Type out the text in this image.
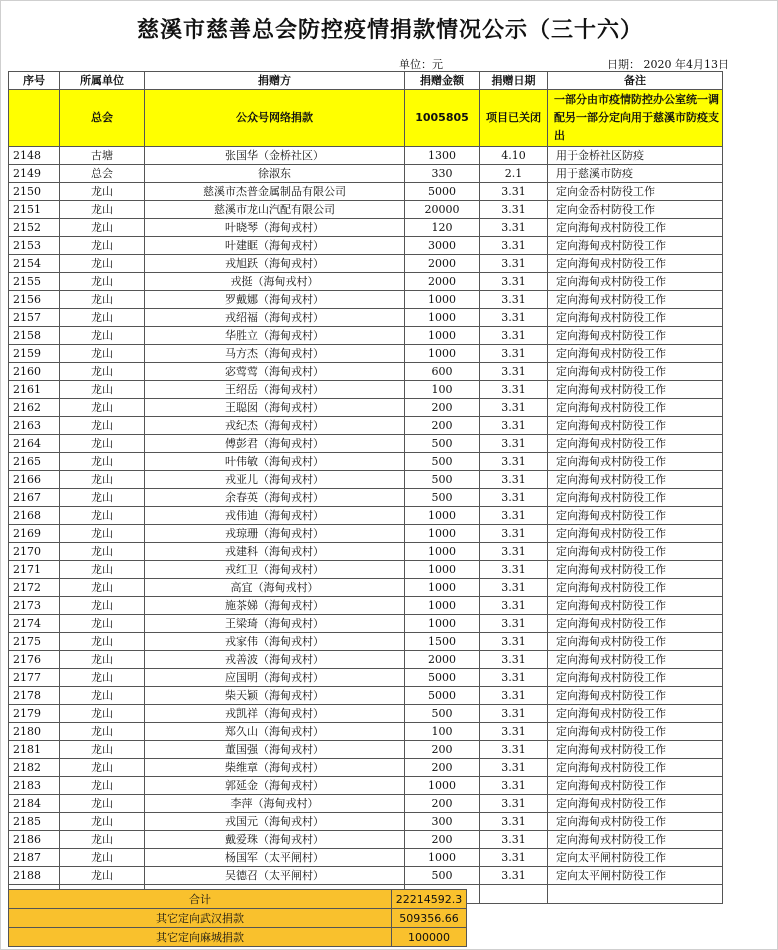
慈溪市慈善总会防控疫情捐款情况公示（三十六）
单位：元	日期： 2020 年4月13日
序号	所属单位	捐赠方	捐赠金额	捐赠日期	备注
	总会	公众号网络捐款	1005805	项目已关闭	一部分由市疫情防控办公室统一调配另一部分定向用于慈溪市防疫支出
2148	古塘	张国华（金桥社区）	1300	4.10	用于金桥社区防疫
2149	总会	徐淑东	330	2.1	用于慈溪市防疫
2150	龙山	慈溪市杰普金属制品有限公司	5000	3.31	定向金岙村防役工作
2151	龙山	慈溪市龙山汽配有限公司	20000	3.31	定向金岙村防役工作
2152	龙山	叶晓琴（海甸戎村）	120	3.31	定向海甸戎村防役工作
2153	龙山	叶建眶（海甸戎村）	3000	3.31	定向海甸戎村防役工作
2154	龙山	戎旭跃（海甸戎村）	2000	3.31	定向海甸戎村防役工作
2155	龙山	戎挺（海甸戎村）	2000	3.31	定向海甸戎村防役工作
2156	龙山	罗戴娜（海甸戎村）	1000	3.31	定向海甸戎村防役工作
2157	龙山	戎绍福（海甸戎村）	1000	3.31	定向海甸戎村防役工作
2158	龙山	华胜立（海甸戎村）	1000	3.31	定向海甸戎村防役工作
2159	龙山	马方杰（海甸戎村）	1000	3.31	定向海甸戎村防役工作
2160	龙山	宓莺莺（海甸戎村）	600	3.31	定向海甸戎村防役工作
2161	龙山	王绍岳（海甸戎村）	100	3.31	定向海甸戎村防役工作
2162	龙山	王聪囡（海甸戎村）	200	3.31	定向海甸戎村防役工作
2163	龙山	戎纪杰（海甸戎村）	200	3.31	定向海甸戎村防役工作
2164	龙山	傅彭君（海甸戎村）	500	3.31	定向海甸戎村防役工作
2165	龙山	叶伟敏（海甸戎村）	500	3.31	定向海甸戎村防役工作
2166	龙山	戎亚儿（海甸戎村）	500	3.31	定向海甸戎村防役工作
2167	龙山	余春英（海甸戎村）	500	3.31	定向海甸戎村防役工作
2168	龙山	戎伟迪（海甸戎村）	1000	3.31	定向海甸戎村防役工作
2169	龙山	戎琼珊（海甸戎村）	1000	3.31	定向海甸戎村防役工作
2170	龙山	戎建科（海甸戎村）	1000	3.31	定向海甸戎村防役工作
2171	龙山	戎红卫（海甸戎村）	1000	3.31	定向海甸戎村防役工作
2172	龙山	高宜（海甸戎村）	1000	3.31	定向海甸戎村防役工作
2173	龙山	施茶娣（海甸戎村）	1000	3.31	定向海甸戎村防役工作
2174	龙山	王梁琦（海甸戎村）	1000	3.31	定向海甸戎村防役工作
2175	龙山	戎家伟（海甸戎村）	1500	3.31	定向海甸戎村防役工作
2176	龙山	戎善波（海甸戎村）	2000	3.31	定向海甸戎村防役工作
2177	龙山	应国明（海甸戎村）	5000	3.31	定向海甸戎村防役工作
2178	龙山	柴天颖（海甸戎村）	5000	3.31	定向海甸戎村防役工作
2179	龙山	戎凯祥（海甸戎村）	500	3.31	定向海甸戎村防役工作
2180	龙山	郑久山（海甸戎村）	100	3.31	定向海甸戎村防役工作
2181	龙山	董国强（海甸戎村）	200	3.31	定向海甸戎村防役工作
2182	龙山	柴维章（海甸戎村）	200	3.31	定向海甸戎村防役工作
2183	龙山	郭延金（海甸戎村）	1000	3.31	定向海甸戎村防役工作
2184	龙山	李萍（海甸戎村）	200	3.31	定向海甸戎村防役工作
2185	龙山	戎国元（海甸戎村）	300	3.31	定向海甸戎村防役工作
2186	龙山	戴爱珠（海甸戎村）	200	3.31	定向海甸戎村防役工作
2187	龙山	杨国军（太平闸村）	1000	3.31	定向太平闸村防役工作
2188	龙山	吴德召（太平闸村）	500	3.31	定向太平闸村防役工作

合计	22214592.3
其它定向武汉捐款	509356.66
其它定向麻城捐款	100000
